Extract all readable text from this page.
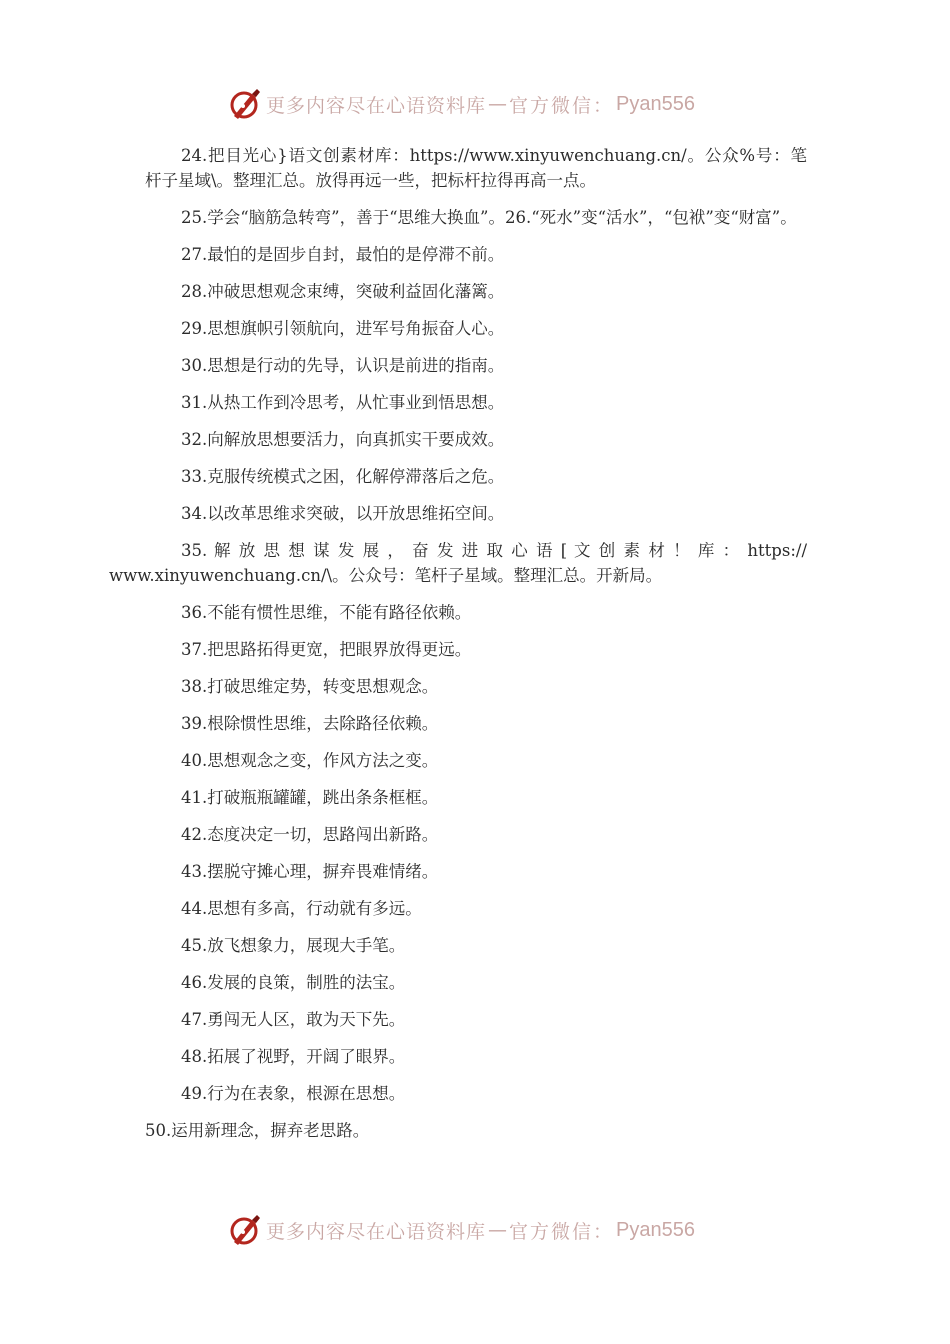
更多内容尽在心语资料库 — 官方微信： Pyan556

24.把目光心}语文创素材库：https://www.xinyuwenchuang.cn/。公众%号：笔杆子星域\。整理汇总。放得再远一些，把标杆拉得再高一点。

25.学会“脑筋急转弯”，善于“思维大换血”。26.“死水”变“活水”，“包袱”变“财富”。

27.最怕的是固步自封，最怕的是停滞不前。

28.冲破思想观念束缚，突破利益固化藩篱。

29.思想旗帜引领航向，进军号角振奋人心。

30.思想是行动的先导，认识是前进的指南。

31.从热工作到冷思考，从忙事业到悟思想。

32.向解放思想要活力，向真抓实干要成效。

33.克服传统模式之困，化解停滞落后之危。

34.以改革思维求突破，以开放思维拓空间。

35. 解 放 思 想 谋 发 展 ， 奋 发 进 取 心 语 [ 文 创 素 材 ！ 库 ： https://
www.xinyuwenchuang.cn/\。公众号：笔杆子星域。整理汇总。开新局。

36.不能有惯性思维，不能有路径依赖。

37.把思路拓得更宽，把眼界放得更远。

38.打破思维定势，转变思想观念。

39.根除惯性思维，去除路径依赖。

40.思想观念之变，作风方法之变。

41.打破瓶瓶罐罐，跳出条条框框。

42.态度决定一切，思路闯出新路。

43.摆脱守摊心理，摒弃畏难情绪。

44.思想有多高，行动就有多远。

45.放飞想象力，展现大手笔。

46.发展的良策，制胜的法宝。

47.勇闯无人区，敢为天下先。

48.拓展了视野，开阔了眼界。

49.行为在表象，根源在思想。

50.运用新理念，摒弃老思路。

更多内容尽在心语资料库 — 官方微信： Pyan556
